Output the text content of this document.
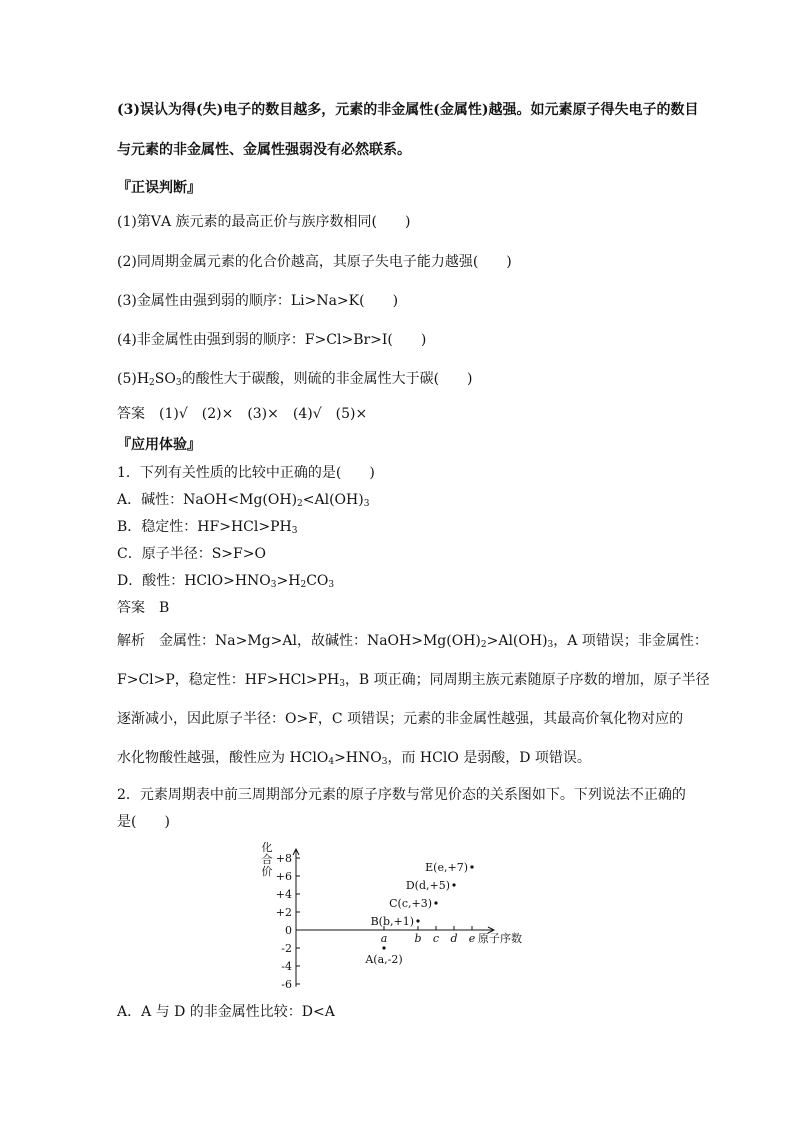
(3)误认为得(失)电子的数目越多，元素的非金属性(金属性)越强。如元素原子得失电子的数目
与元素的非金属性、金属性强弱没有必然联系。
『正误判断』
(1)第ⅤA 族元素的最高正价与族序数相同(　　)
(2)同周期金属元素的化合价越高，其原子失电子能力越强(　　)
(3)金属性由强到弱的顺序：Li>Na>K(　　)
(4)非金属性由强到弱的顺序：F>Cl>Br>I(　　)
$(5)H_2SO_3$的酸性大于碳酸，则硫的非金属性大于碳(　　)
答案　(1)√　(2)×　(3)×　(4)√　(5)×
『应用体验』
1．下列有关性质的比较中正确的是(　　)
A．碱性：$NaOH<Mg(OH)_2<Al(OH)_3$
B．稳定性：$HF>HCl>PH_3$
C．原子半径：S>F>O
D．酸性：$HClO>HNO_3>H_2CO_3$
答案　B
解析　金属性：Na>Mg>Al，故碱性：$NaOH>Mg(OH)_2>Al(OH)_3$，A 项错误；非金属性：
F>Cl>P，稳定性：$HF>HCl>PH_3$，B 项正确；同周期主族元素随原子序数的增加，原子半径
逐渐减小，因此原子半径：O>F，C 项错误；元素的非金属性越强，其最高价氧化物对应的
水化物酸性越强，酸性应为 $HClO_4>HNO_3$，而 HClO 是弱酸，D 项错误。
2．元素周期表中前三周期部分元素的原子序数与常见价态的关系图如下。下列说法不正确的
是(　　)
化
合
价
+8
+6
+4
+2
0
-2
-4
-6
a b c d e
A(a,-2)
B(b,+1)
C(c,+3)
D(d,+5)
E(e,+7)
原子序数
A．A 与 D 的非金属性比较：D<A
